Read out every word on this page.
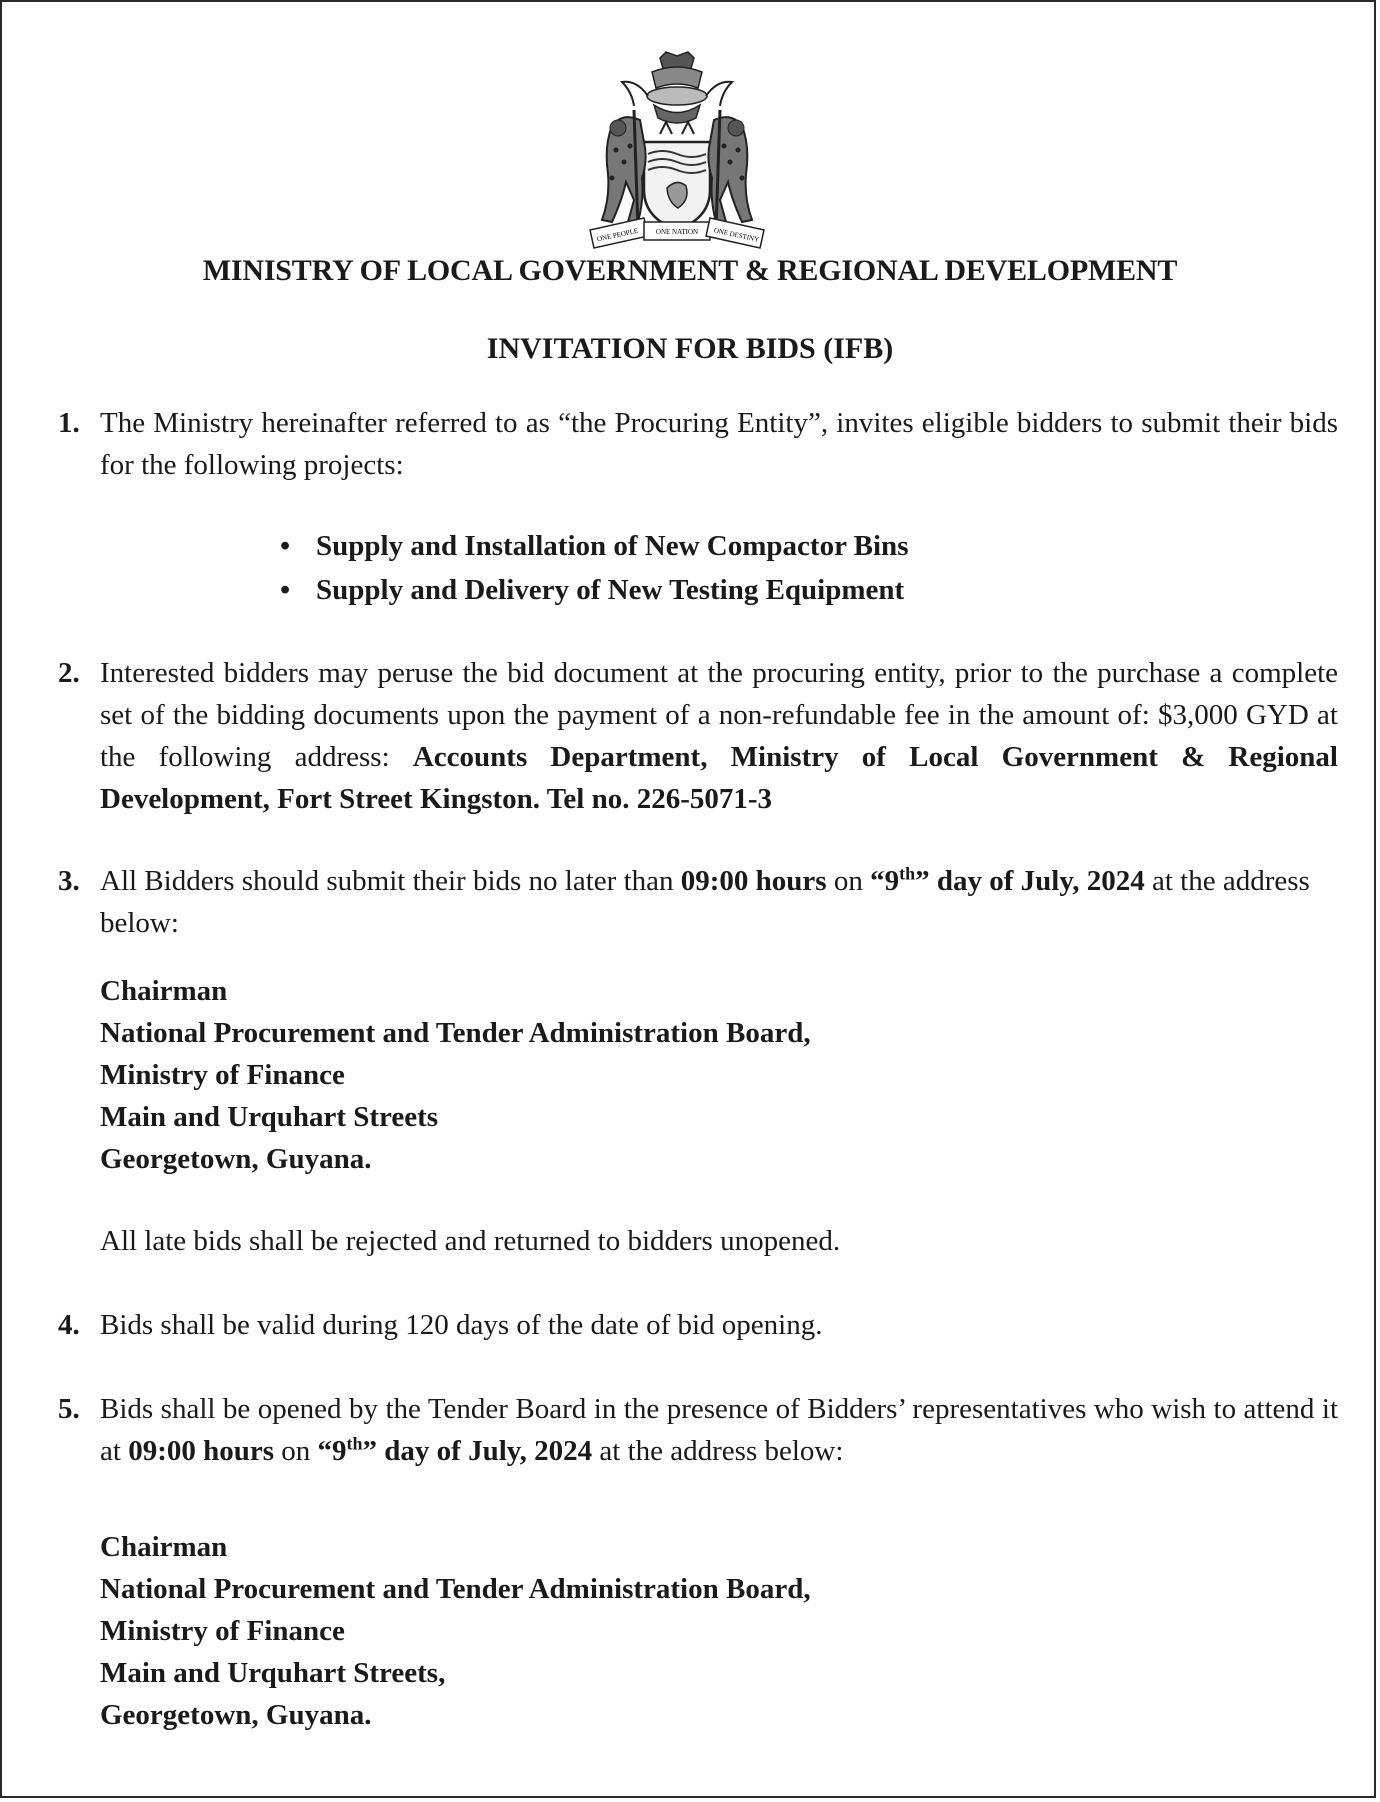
ONE PEOPLE ONE NATION ONE DESTINY
MINISTRY OF LOCAL GOVERNMENT & REGIONAL DEVELOPMENT
INVITATION FOR BIDS (IFB)
1. The Ministry hereinafter referred to as “the Procuring Entity”, invites eligible bidders to submit their bids for the following projects:
• Supply and Installation of New Compactor Bins
• Supply and Delivery of New Testing Equipment
2. Interested bidders may peruse the bid document at the procuring entity, prior to the purchase a complete set of the bidding documents upon the payment of a non-refundable fee in the amount of: $3,000 GYD at the following address: Accounts Department, Ministry of Local Government & Regional Development, Fort Street Kingston. Tel no. 226-5071-3
3. All Bidders should submit their bids no later than 09:00 hours on “9th” day of July, 2024 at the address below:
Chairman
National Procurement and Tender Administration Board,
Ministry of Finance
Main and Urquhart Streets
Georgetown, Guyana.
All late bids shall be rejected and returned to bidders unopened.
4. Bids shall be valid during 120 days of the date of bid opening.
5. Bids shall be opened by the Tender Board in the presence of Bidders’ representatives who wish to attend it at 09:00 hours on “9th” day of July, 2024 at the address below:
Chairman
National Procurement and Tender Administration Board,
Ministry of Finance
Main and Urquhart Streets,
Georgetown, Guyana.
